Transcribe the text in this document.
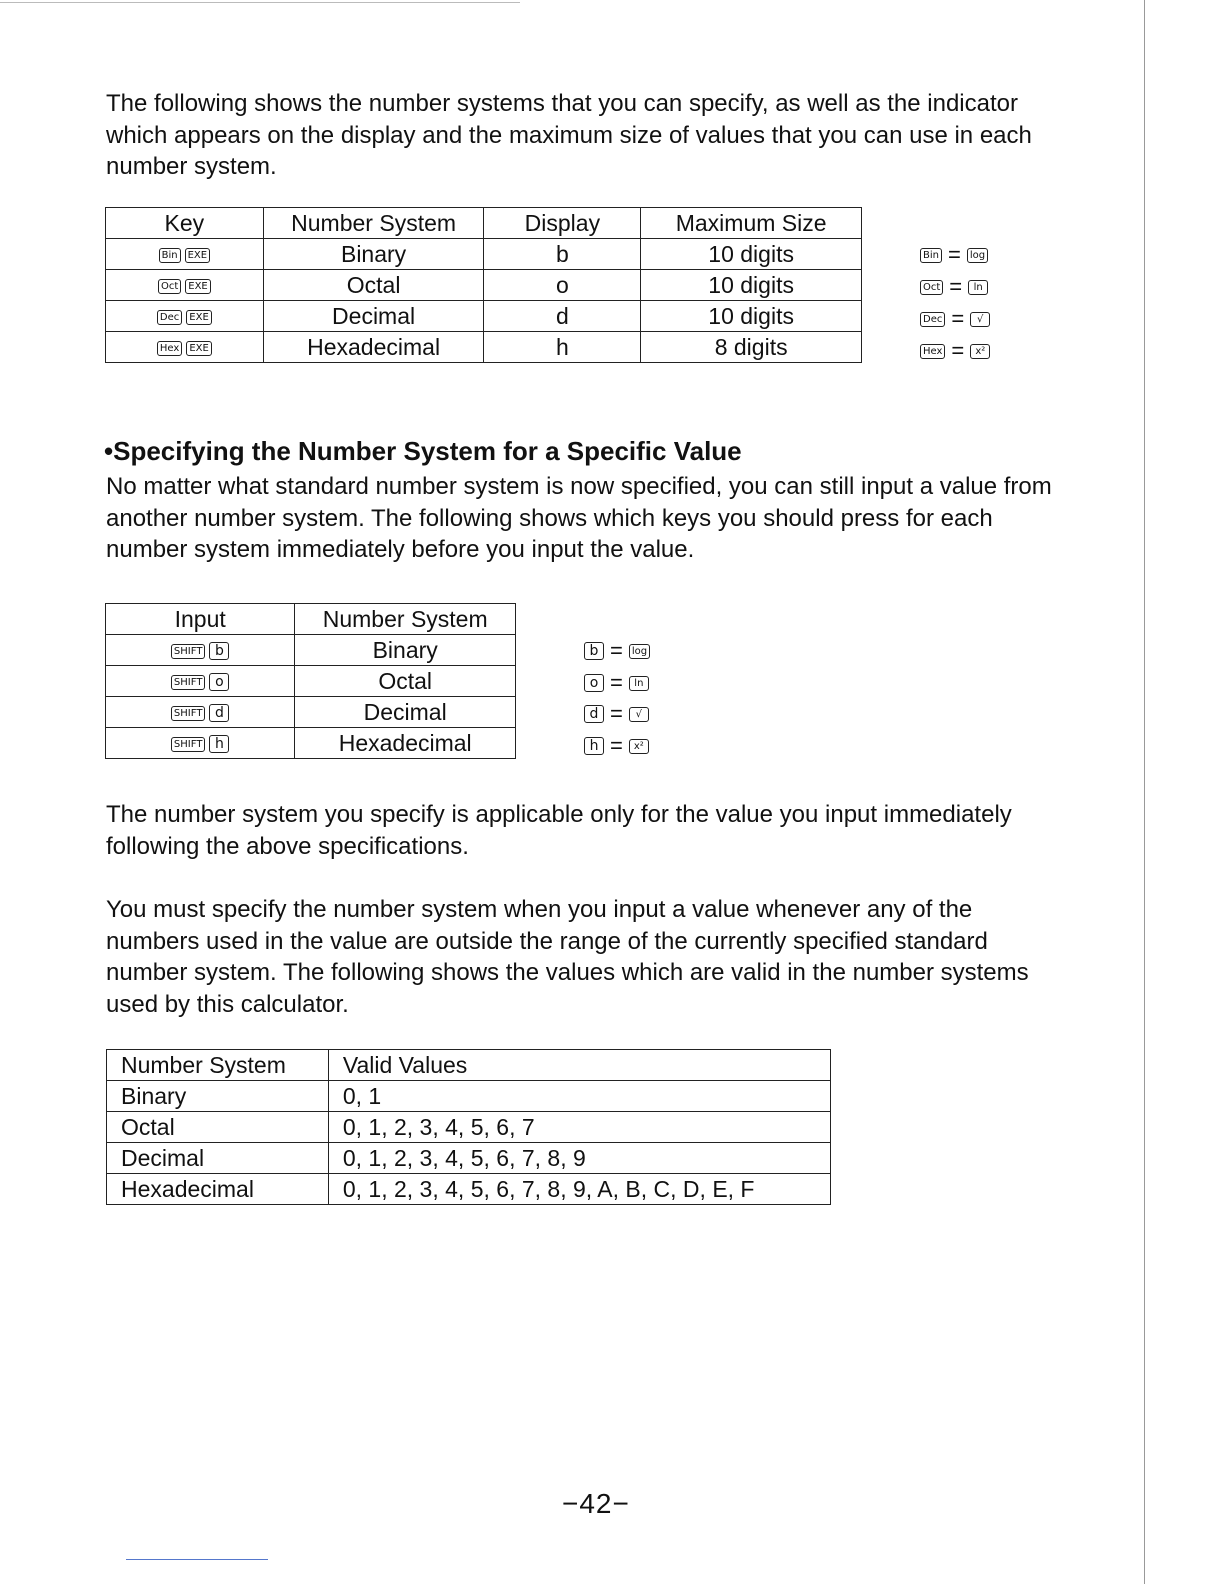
The following shows the number systems that you can specify, as well as the indicator which appears on the display and the maximum size of values that you can use in each number system.

Key	Number System	Display	Maximum Size
Bin EXE	Binary	b	10 digits
Oct EXE	Octal	o	10 digits
Dec EXE	Decimal	d	10 digits
Hex EXE	Hexadecimal	h	8 digits
Bin = log
Oct =	ln
Dec =	√
Hex =	x²
•Specifying the Number System for a Specific Value

No matter what standard number system is now specified, you can still input a value from another number system. The following shows which keys you should press for each number system immediately before you input the value.

Input	Number System
SHIFT b	Binary
SHIFT o	Octal
SHIFT d	Decimal
SHIFT h	Hexadecimal
b = log
o =	ln
d =	√
h =	x²

The number system you specify is applicable only for the value you input immediately following the above specifications.

You must specify the number system when you input a value whenever any of the numbers used in the value are outside the range of the currently specified standard number system. The following shows the values which are valid in the number systems used by this calculator.

Number System	Valid Values
Binary	0, 1
Octal	0, 1, 2, 3, 4, 5, 6, 7
Decimal	0, 1, 2, 3, 4, 5, 6, 7, 8, 9
Hexadecimal	0, 1, 2, 3, 4, 5, 6, 7, 8, 9, A, B, C, D, E, F
−42−
